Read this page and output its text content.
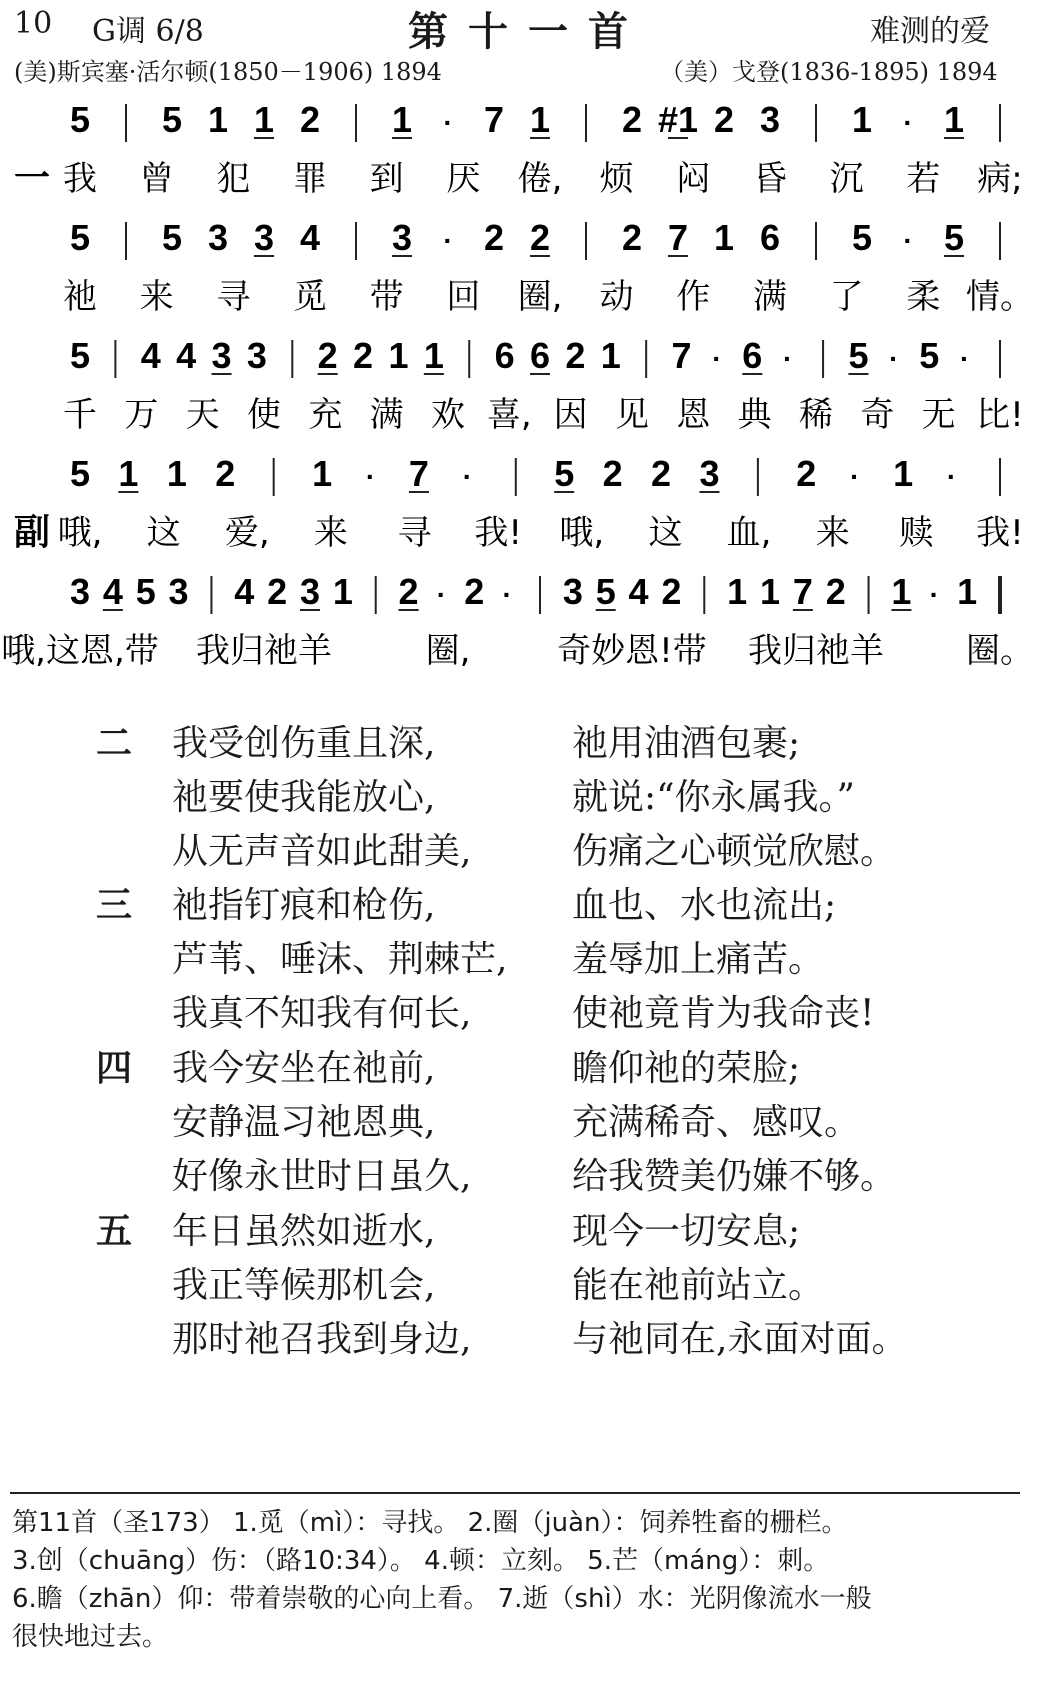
10 G调 6/8	第十一首	难测的爱
(美)斯宾塞·活尔顿(1850－1906) 1894	（美）戈登(1836-1895) 1894
一
5 5 1 1 2 1 · 7 1 2 #1 2 3 1 · 1
我 曾 犯 罪 到 厌 倦, 烦 闷 昏 沉 若 病;
5 5 3 3 4 3 · 2 2 2 7 1 6 5 · 5
祂 来 寻 觅 带 回 圈, 动 作 满 了 柔 情。
5 4 4 3 3 2 2 1 1 6 6 2 1 7 · 6 · 5 · 5 ·
千 万 天 使 充 满 欢 喜, 因 见 恩 典 稀 奇 无 比!
副
5 1 1 2 1 · 7 · 5 2 2 3 2 · 1 ·
哦, 这 爱, 来 寻 我! 哦, 这 血, 来 赎 我!
3 4 5 3 4 2 3 1 2 · 2 · 3 5 4 2 1 1 7 2 1 · 1
哦,这恩,带 我归祂羊	圈,	奇妙恩!带 我归祂羊 圈。
二 我受创伤重且深,	祂用油酒包裹;
祂要使我能放心,	就说:“你永属我。”
从无声音如此甜美,	伤痛之心顿觉欣慰。
三 祂指钉痕和枪伤,	血也、水也流出;
芦苇、唾沫、荆棘芒, 羞辱加上痛苦。
我真不知我有何长,	使祂竟肯为我命丧!
四 我今安坐在祂前,	瞻仰祂的荣脸;
安静温习祂恩典,	充满稀奇、感叹。
好像永世时日虽久,	给我赞美仍嫌不够。
五 年日虽然如逝水,	现今一切安息;
我正等候那机会,	能在祂前站立。
那时祂召我到身边,	与祂同在,永面对面。
第11首（圣173） 1.觅（mì）：寻找。 2.圈（juàn）：饲养牲畜的栅栏。
3.创（chuāng）伤：（路10:34）。 4.顿：立刻。 5.芒（máng）：刺。
6.瞻（zhān）仰：带着崇敬的心向上看。 7.逝（shì）水：光阴像流水一般
很快地过去。
